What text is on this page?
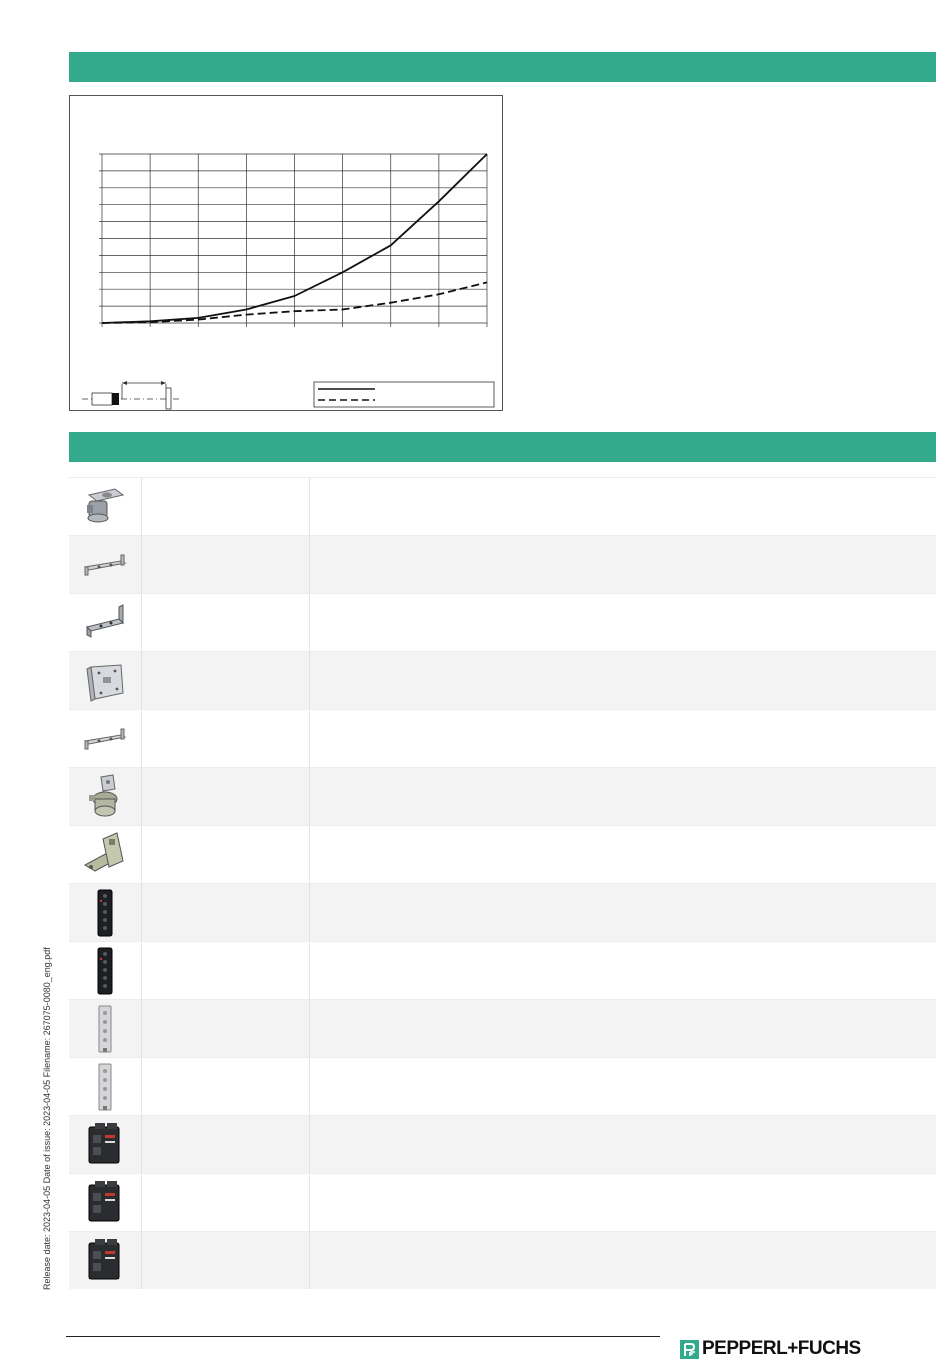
Release date: 2023-04-05 Date of issue: 2023-04-05 Filename: 267075-0080_eng.pdf
PEPPERL+FUCHS
